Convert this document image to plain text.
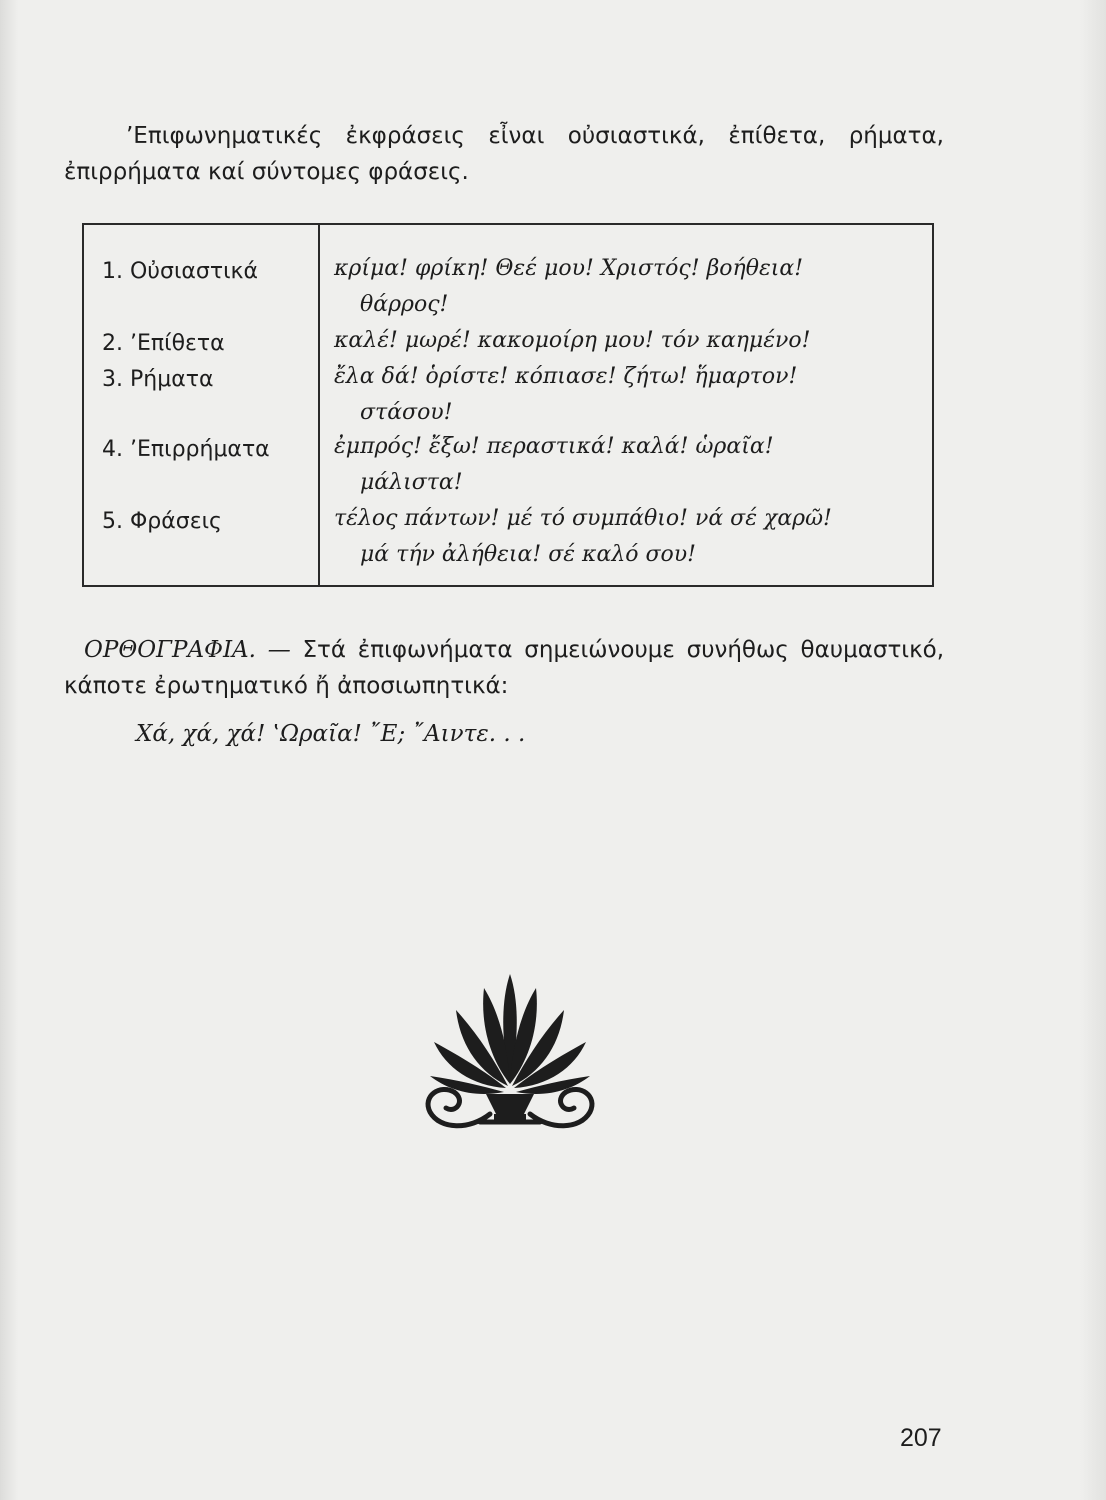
’Επιφωνηματικές ἐκφράσεις εἶναι οὐσιαστικά, ἐπίθετα, ρήματα, ἐπιρρήματα καί σύντομες φράσεις.

1. Οὐσιαστικά	κρίμα! φρίκη! Θεέ μου! Χριστός! βοήθεια!
θάρρος!
2. ’Επίθετα	καλέ! μωρέ! κακομοίρη μου! τόν καημένο!
3. Ρήματα	ἔλα δά! ὁρίστε! κόπιασε! ζήτω! ἥμαρτον!
στάσου!
4. ’Επιρρήματα	ἐμπρός! ἔξω! περαστικά! καλά! ὡραῖα!
μάλιστα!
5. Φράσεις	τέλος πάντων! μέ τό συμπάθιο! νά σέ χαρῶ!
μά τήν ἀλήθεια! σέ καλό σου!

ΟΡΘΟΓΡΑΦΙΑ. — Στά ἐπιφωνήματα σημειώνουμε συνήθως θαυμαστικό, κάποτε ἐρωτηματικό ἤ ἀποσιωπητικά:

Χά, χά, χά! ‛Ωραῖα! ῎Ε; ῎Αιντε. . .
207
